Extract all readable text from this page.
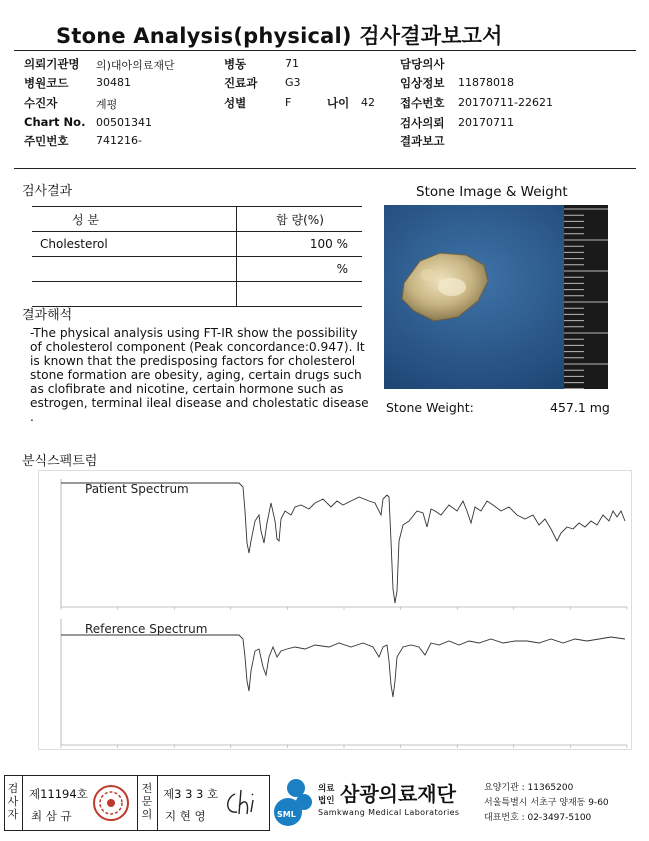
Stone Analysis(physical) 검사결과보고서
의뢰기관명 의)대아의료재단	병동	71	담당의사
병원코드	30481	진료과	G3	임상정보 11878018
수진자	계평	성별	F	나이 42 접수번호 20170711-22621
Chart No. 00501341	검사의뢰 20170711
주민번호	741216-	결과보고
검사결과
성 분	함 량(%)
Cholesterol	100 %
	%

결과해석
-The physical analysis using FT-IR show the possibility of cholesterol component (Peak concordance:0.947). It is known that the predisposing factors for cholesterol stone formation are obesity, aging, certain drugs such as clofibrate and nicotine, certain hormone such as estrogen, terminal ileal disease and cholestatic disease .
Stone Image & Weight
Stone Weight:	457.1 mg
분식스펙트럼
Patient Spectrum
Reference Spectrum
검사자
제11194호
최 삼 규
전문의
제3 3 3 호
지 현 영	SML
의료
법인 삼광의료재단
Samkwang Medical Laboratories
요양기관 : 11365200
서울특별시 서초구 양재동 9-60
대표번호 : 02-3497-5100
